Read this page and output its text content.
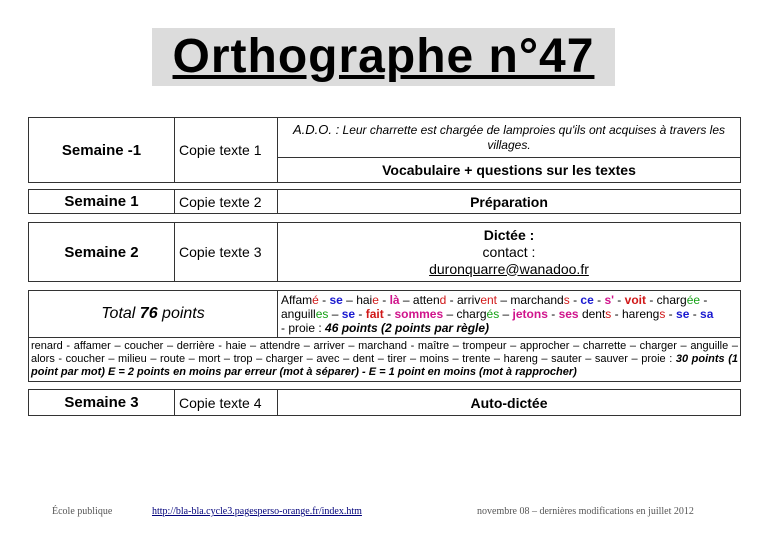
Orthographe n°47
Semaine -1	Copie texte 1	A.D.O. : Leur charrette est chargée de lamproies qu'ils ont acquises à travers les villages.
Vocabulaire + questions sur les textes
Semaine 1	Copie texte 2	Préparation
Semaine 2	Copie texte 3	
Dictée :
contact :
duronquarre@wanadoo.fr
Total 76 points	Affamé - se – haie - là – attend - arrivent – marchands - ce - s' - voit - chargée -
anguilles – se - fait - sommes – chargés – jetons - ses dents - harengs - se - sa
- proie : 46 points (2 points par règle)
renard - affamer – coucher – derrière - haie – attendre – arriver – marchand - maître – trompeur – approcher – charrette – charger – anguille – alors - coucher – milieu – route – mort – trop – charger – avec – dent – tirer – moins – trente – hareng – sauter – sauver – proie : 30 points (1 point par mot) E = 2 points en moins par erreur (mot à séparer) - E = 1 point en moins (mot à rapprocher)
Semaine 3	Copie texte 4	Auto-dictée
École publique	http://bla-bla.cycle3.pagesperso-orange.fr/index.htm	novembre 08 – dernières modifications en juillet 2012
